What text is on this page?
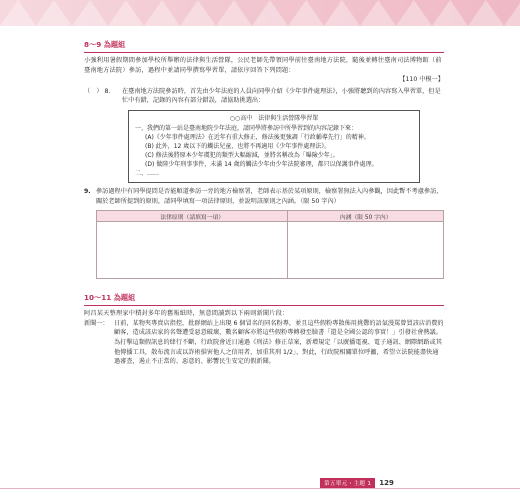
8～9 為題組
小強利用暑假期間參加學校所舉辦的法律與生活營隊，公民老師先帶領同學前往臺南地方法院，隨後並轉往臺南司法博物館（前臺南地方法院）參訪，過程中並請同學撰寫學習單，請依序回答下列問題：
【110 中模一】
（　） 8.	在臺南地方法院參訪時，首先由少年法庭的人員向同學介紹《少年事件處理法》，小強將聽到的內容寫入學習單，但是忙中有錯，記錄的內容有部分錯誤，請協助挑選出：
○○高中　法律與生活營隊學習單
一、我們的第一站是臺南地院少年法庭，請同學將參訪中所學習到的內容記錄下來：
(A)《少年事件處理法》在近年有重大修正，修法後更強調「行政輔導先行」的精神。
(B) 此外，12 歲以下的觸法兒童，也將不再適用《少年事件處理法》。
(C) 修法後將原本少年虞犯的類型大幅縮減，並將名稱改為「曝險少年」。
(D) 做陸少年刑事事件，未滿 14 歲的觸法少年由少年法院審理，都只以保護事件處理。
二、……
9. 參訪過程中有同學提問是否能順道參訪一旁的地方檢察署，老師表示基於某項原則，檢察署無法入內參觀，因此暫不考慮參訪，關於老師所提到的原則，請同學填寫一項法律原則，並說明該原則之內涵。（限 50 字內）
法律原則（請填寫一項）	內涵（限 50 字內）

10～11 為題組
阿昌某天整理家中積封多年的舊報紙時，無意間讀到以下兩則新聞片段：
新聞一： 日前，某物夾專賣店指控，批群網站上出現 6 個冒名的同名粉專，並且這些假粉專散佈用挑釁的語氣漫罵曾買該店消費的顧客，造成該店家的名聲遭受惡意破壞，數名顧客亦將這些假粉專轉發至臉書「還是全國公認的事實！」引發社會熱議。為打擊這類假訊息的肆行不斷，行政院會近日通過《刑法》修正草案，新增規定「以廣播電視、電子通訊、網際網路或其他傳播工具，散布流言或以詐術損害他人之信用者，加重其刑 1/2」，對此，行政院相關單位呼籲，希望立法院能盡快通過審查，遏止不正當的、惡意的、影響民生安定的假新聞。
第五單元・主題 1	129
